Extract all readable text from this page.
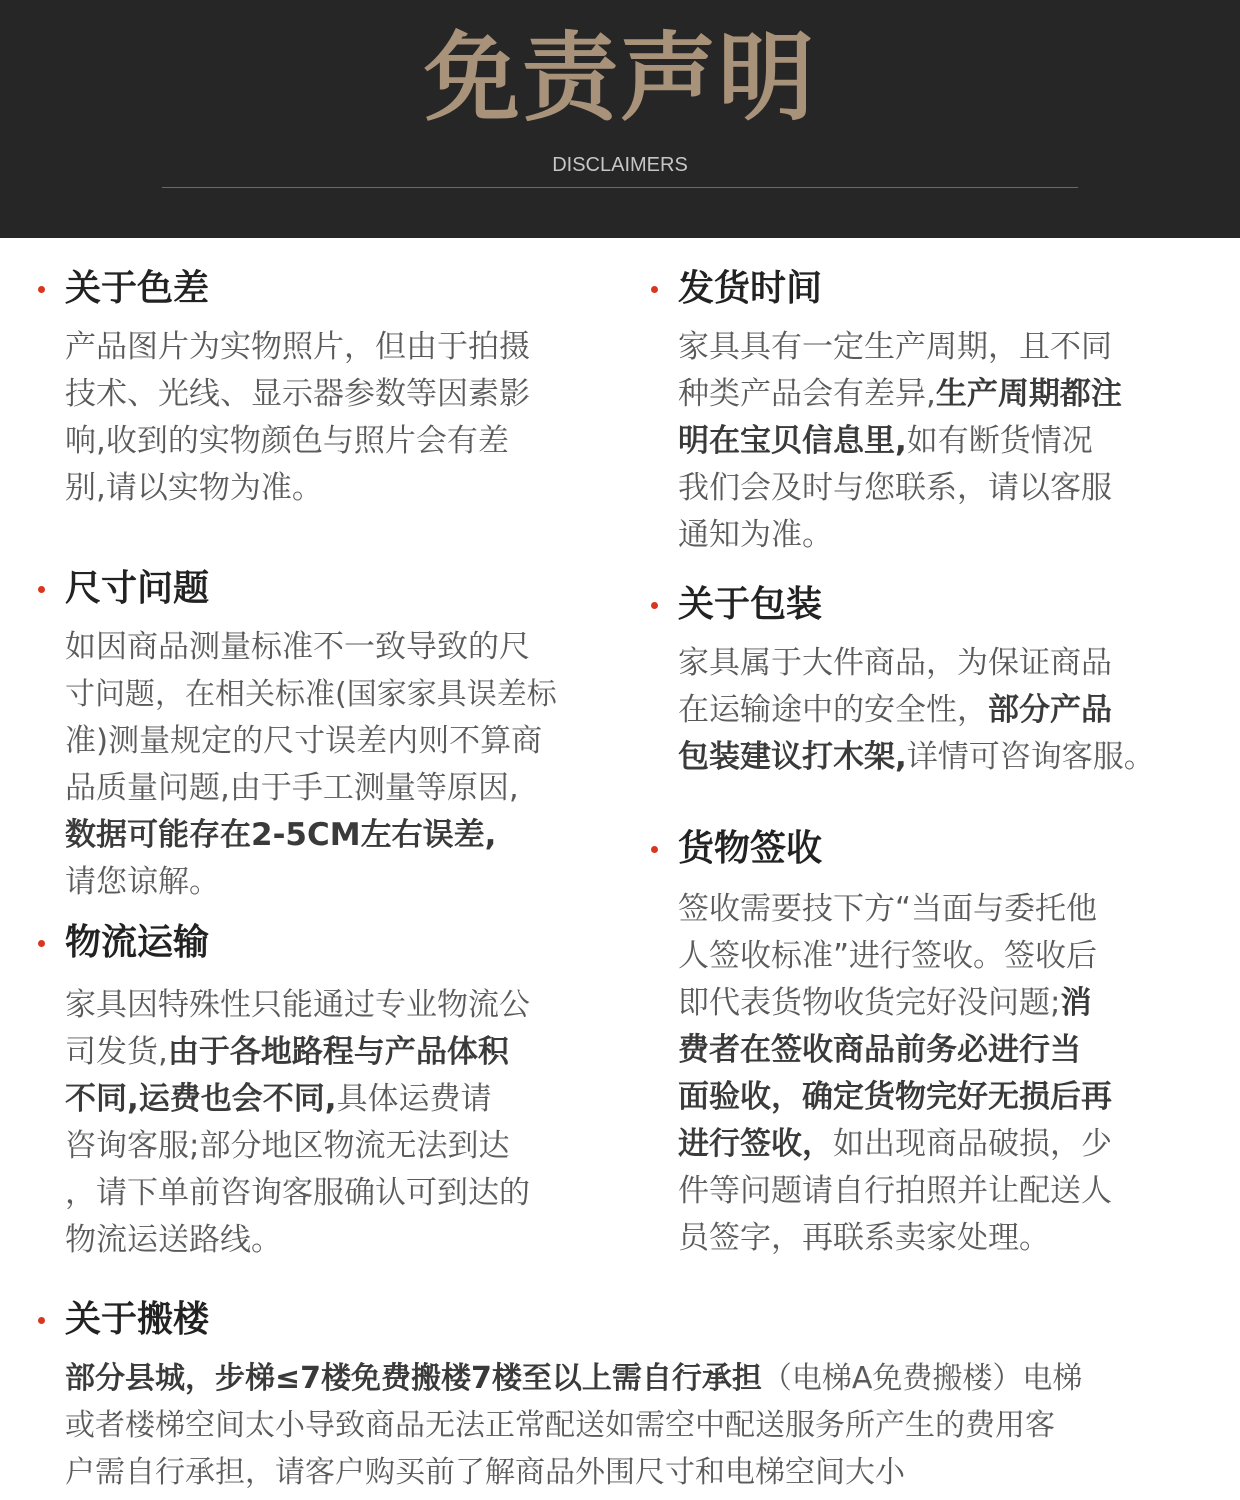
免责声明
DISCLAIMERS
关于色差
产品图片为实物照片，但由于拍摄
技术、光线、显示器参数等因素影
响,收到的实物颜色与照片会有差
别,请以实物为准。
尺寸问题
如因商品测量标准不一致导致的尺
寸问题，在相关标准(国家家具误差标
准)测量规定的尺寸误差内则不算商
品质量问题,由于手工测量等原因,
数据可能存在2-5CM左右误差,
请您谅解。
物流运输
家具因特殊性只能通过专业物流公
司发货,由于各地路程与产品体积
不同,运费也会不同,具体运费请
咨询客服;部分地区物流无法到达
，请下单前咨询客服确认可到达的
物流运送路线。
发货时间
家具具有一定生产周期，且不同
种类产品会有差异,生产周期都注
明在宝贝信息里,如有断货情况
我们会及时与您联系，请以客服
通知为准。
关于包装
家具属于大件商品，为保证商品
在运输途中的安全性，部分产品
包装建议打木架,详情可咨询客服。
货物签收
签收需要技下方“当面与委托他
人签收标准”进行签收。签收后
即代表货物收货完好没问题;消
费者在签收商品前务必进行当
面验收，确定货物完好无损后再
进行签收，如出现商品破损，少
件等问题请自行拍照并让配送人
员签字，再联系卖家处理。
关于搬楼
部分县城，步梯≤7楼免费搬楼7楼至以上需自行承担（电梯A免费搬楼）电梯
或者楼梯空间太小导致商品无法正常配送如需空中配送服务所产生的费用客
户需自行承担，请客户购买前了解商品外围尺寸和电梯空间大小
